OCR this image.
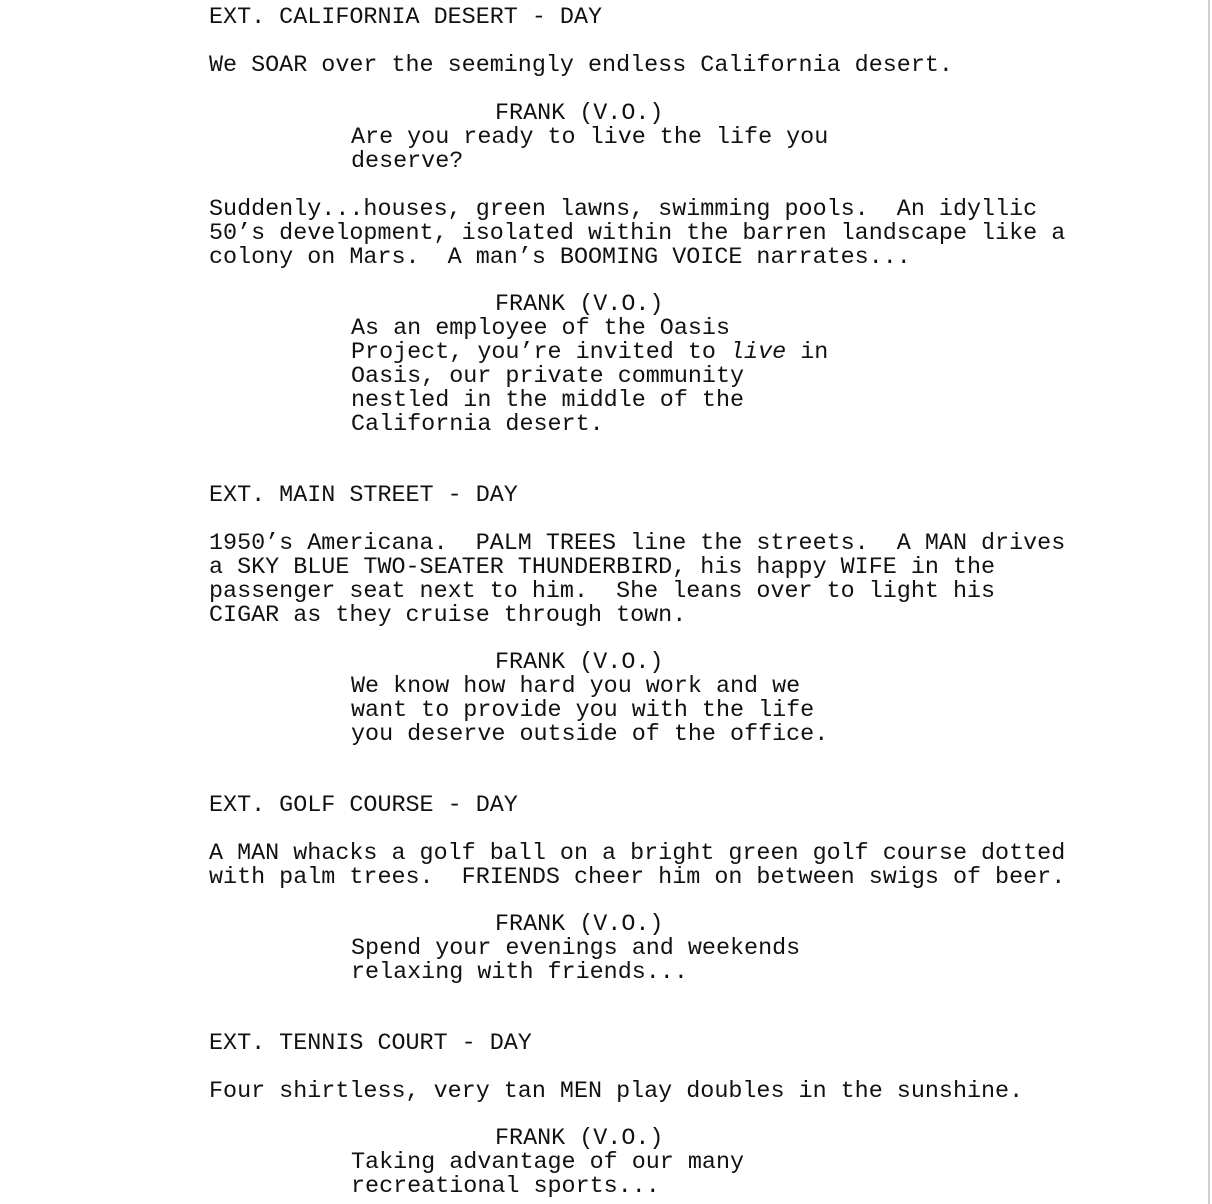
EXT. CALIFORNIA DESERT - DAY
We SOAR over the seemingly endless California desert.
FRANK (V.O.)
Are you ready to live the life you
deserve?
Suddenly...houses, green lawns, swimming pools.  An idyllic
50’s development, isolated within the barren landscape like a
colony on Mars.  A man’s BOOMING VOICE narrates...
FRANK (V.O.)
As an employee of the Oasis
Project, you’re invited to live in
Oasis, our private community
nestled in the middle of the
California desert.
EXT. MAIN STREET - DAY
1950’s Americana.  PALM TREES line the streets.  A MAN drives
a SKY BLUE TWO-SEATER THUNDERBIRD, his happy WIFE in the
passenger seat next to him.  She leans over to light his
CIGAR as they cruise through town.
FRANK (V.O.)
We know how hard you work and we
want to provide you with the life
you deserve outside of the office.
EXT. GOLF COURSE - DAY
A MAN whacks a golf ball on a bright green golf course dotted
with palm trees.  FRIENDS cheer him on between swigs of beer.
FRANK (V.O.)
Spend your evenings and weekends
relaxing with friends...
EXT. TENNIS COURT - DAY
Four shirtless, very tan MEN play doubles in the sunshine.
FRANK (V.O.)
Taking advantage of our many
recreational sports...
